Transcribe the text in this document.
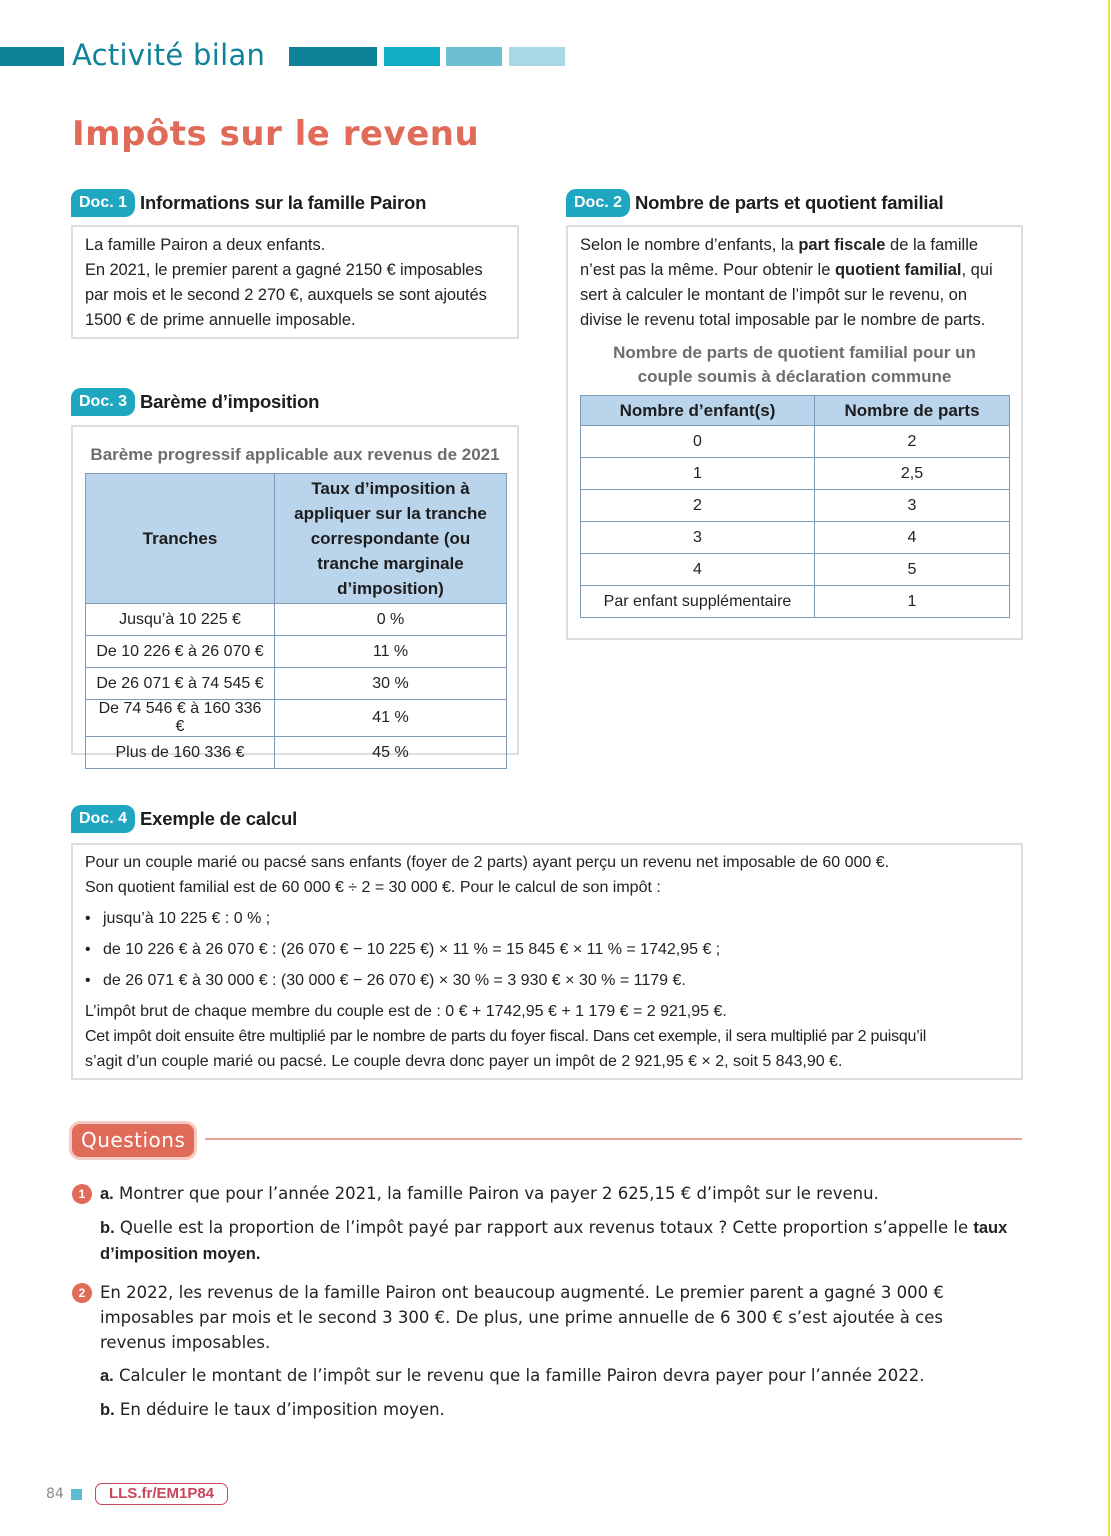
Activité bilan
Impôts sur le revenu
Doc. 1 Informations sur la famille Pairon

La famille Pairon a deux enfants.

En 2021, le premier parent a gagné 2150 € imposables

par mois et le second 2 270 €, auxquels se sont ajoutés

1500 € de prime annuelle imposable.

Doc. 2 Nombre de parts et quotient familial

Selon le nombre d’enfants, la part fiscale de la famille n’est pas la même. Pour obtenir le quotient familial, qui sert à calculer le montant de l’impôt sur le revenu, on divise le revenu total imposable par le nombre de parts.

Nombre de parts de quotient familial pour un couple soumis à déclaration commune
Nombre d’enfant(s)	Nombre de parts
0	2
1	2,5
2	3
3	4
4	5
Par enfant supplémentaire	1
Doc. 3 Barème d’imposition
Barème progressif applicable aux revenus de 2021
Tranches	Taux d’imposition à appliquer sur la tranche correspondante (ou tranche marginale d’imposition)
Jusqu’à 10 225 €	0 %
De 10 226 € à 26 070 €	11 %
De 26 071 € à 74 545 €	30 %
De 74 546 € à 160 336 €	41 %
Plus de 160 336 €	45 %
Doc. 4 Exemple de calcul
Pour un couple marié ou pacsé sans enfants (foyer de 2 parts) ayant perçu un revenu net imposable de 60 000 €.
Son quotient familial est de 60 000 € ÷ 2 = 30 000 €. Pour le calcul de son impôt :
• jusqu’à 10 225 € : 0 % ;
• de 10 226 € à 26 070 € : (26 070 € − 10 225 €) × 11 % = 15 845 € × 11 % = 1742,95 € ;
• de 26 071 € à 30 000 € : (30 000 € − 26 070 €) × 30 % = 3 930 € × 30 % = 1179 €.
L’impôt brut de chaque membre du couple est de : 0 € + 1742,95 € + 1 179 € = 2 921,95 €.
Cet impôt doit ensuite être multiplié par le nombre de parts du foyer fiscal. Dans cet exemple, il sera multiplié par 2 puisqu’il
s’agit d’un couple marié ou pacsé. Le couple devra donc payer un impôt de 2 921,95 € × 2, soit 5 843,90 €.
Questions
1 a. Montrer que pour l’année 2021, la famille Pairon va payer 2 625,15 € d’impôt sur le revenu.
b. Quelle est la proportion de l’impôt payé par rapport aux revenus totaux ? Cette proportion s’appelle le taux d’imposition moyen.
2 En 2022, les revenus de la famille Pairon ont beaucoup augmenté. Le premier parent a gagné 3 000 € imposables par mois et le second 3 300 €. De plus, une prime annuelle de 6 300 € s’est ajoutée à ces revenus imposables.
a. Calculer le montant de l’impôt sur le revenu que la famille Pairon devra payer pour l’année 2022.
b. En déduire le taux d’imposition moyen.
84	LLS.fr/EM1P84
